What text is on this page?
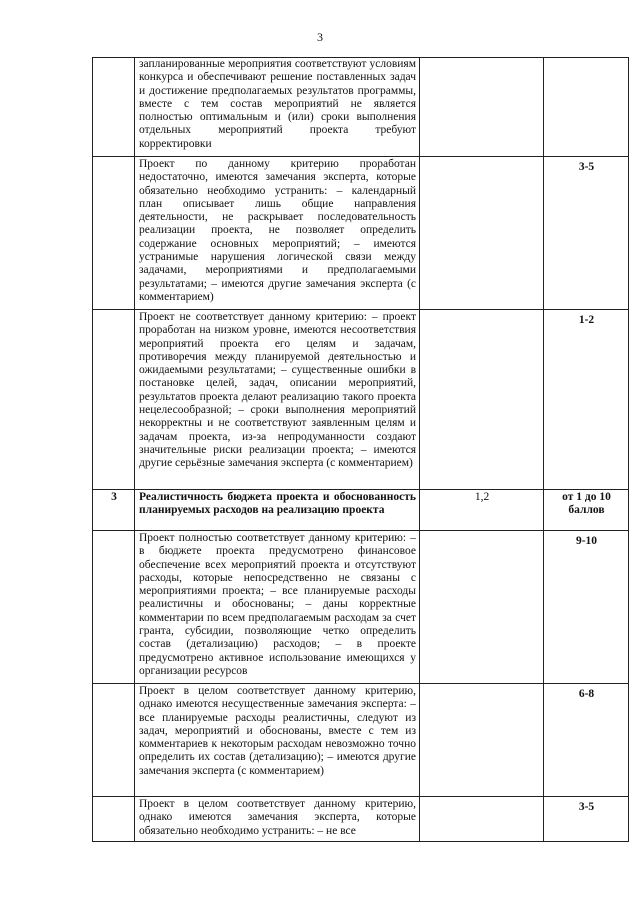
3
	запланированные мероприятия соответствуют условиям конкурса и обеспечивают решение поставленных задач и достижение предполагаемых результатов программы, вместе с тем состав мероприятий не является полностью оптимальным и (или) сроки выполнения отдельных мероприятий проекта требуют корректировки		
	Проект по данному критерию проработан недостаточно, имеются замечания эксперта, которые обязательно необходимо устранить: – календарный план описывает лишь общие направления деятельности, не раскрывает последовательность реализации проекта, не позволяет определить содержание основных мероприятий; – имеются устранимые нарушения логической связи между задачами, мероприятиями и предполагаемыми результатами; – имеются другие замечания эксперта (с комментарием)		3-5
	Проект не соответствует данному критерию: – проект проработан на низком уровне, имеются несоответствия мероприятий проекта его целям и задачам, противоречия между планируемой деятельностью и ожидаемыми результатами; – существенные ошибки в постановке целей, задач, описании мероприятий, результатов проекта делают реализацию такого проекта нецелесообразной; – сроки выполнения мероприятий некорректны и не соответствуют заявленным целям и задачам проекта, из-за непродуманности создают значительные риски реализации проекта; – имеются другие серьёзные замечания эксперта (с комментарием)		1-2
3	Реалистичность бюджета проекта и обоснованность планируемых расходов на реализацию проекта	1,2	от 1 до 10 баллов
	Проект полностью соответствует данному критерию: – в бюджете проекта предусмотрено финансовое обеспечение всех мероприятий проекта и отсутствуют расходы, которые непосредственно не связаны с мероприятиями проекта; – все планируемые расходы реалистичны и обоснованы; – даны корректные комментарии по всем предполагаемым расходам за счет гранта, субсидии, позволяющие четко определить состав (детализацию) расходов; – в проекте предусмотрено активное использование имеющихся у организации ресурсов		9-10
	Проект в целом соответствует данному критерию, однако имеются несущественные замечания эксперта: – все планируемые расходы реалистичны, следуют из задач, мероприятий и обоснованы, вместе с тем из комментариев к некоторым расходам невозможно точно определить их состав (детализацию); – имеются другие замечания эксперта (с комментарием)		6-8
	Проект в целом соответствует данному критерию, однако имеются замечания эксперта, которые обязательно необходимо устранить: – не все		3-5
